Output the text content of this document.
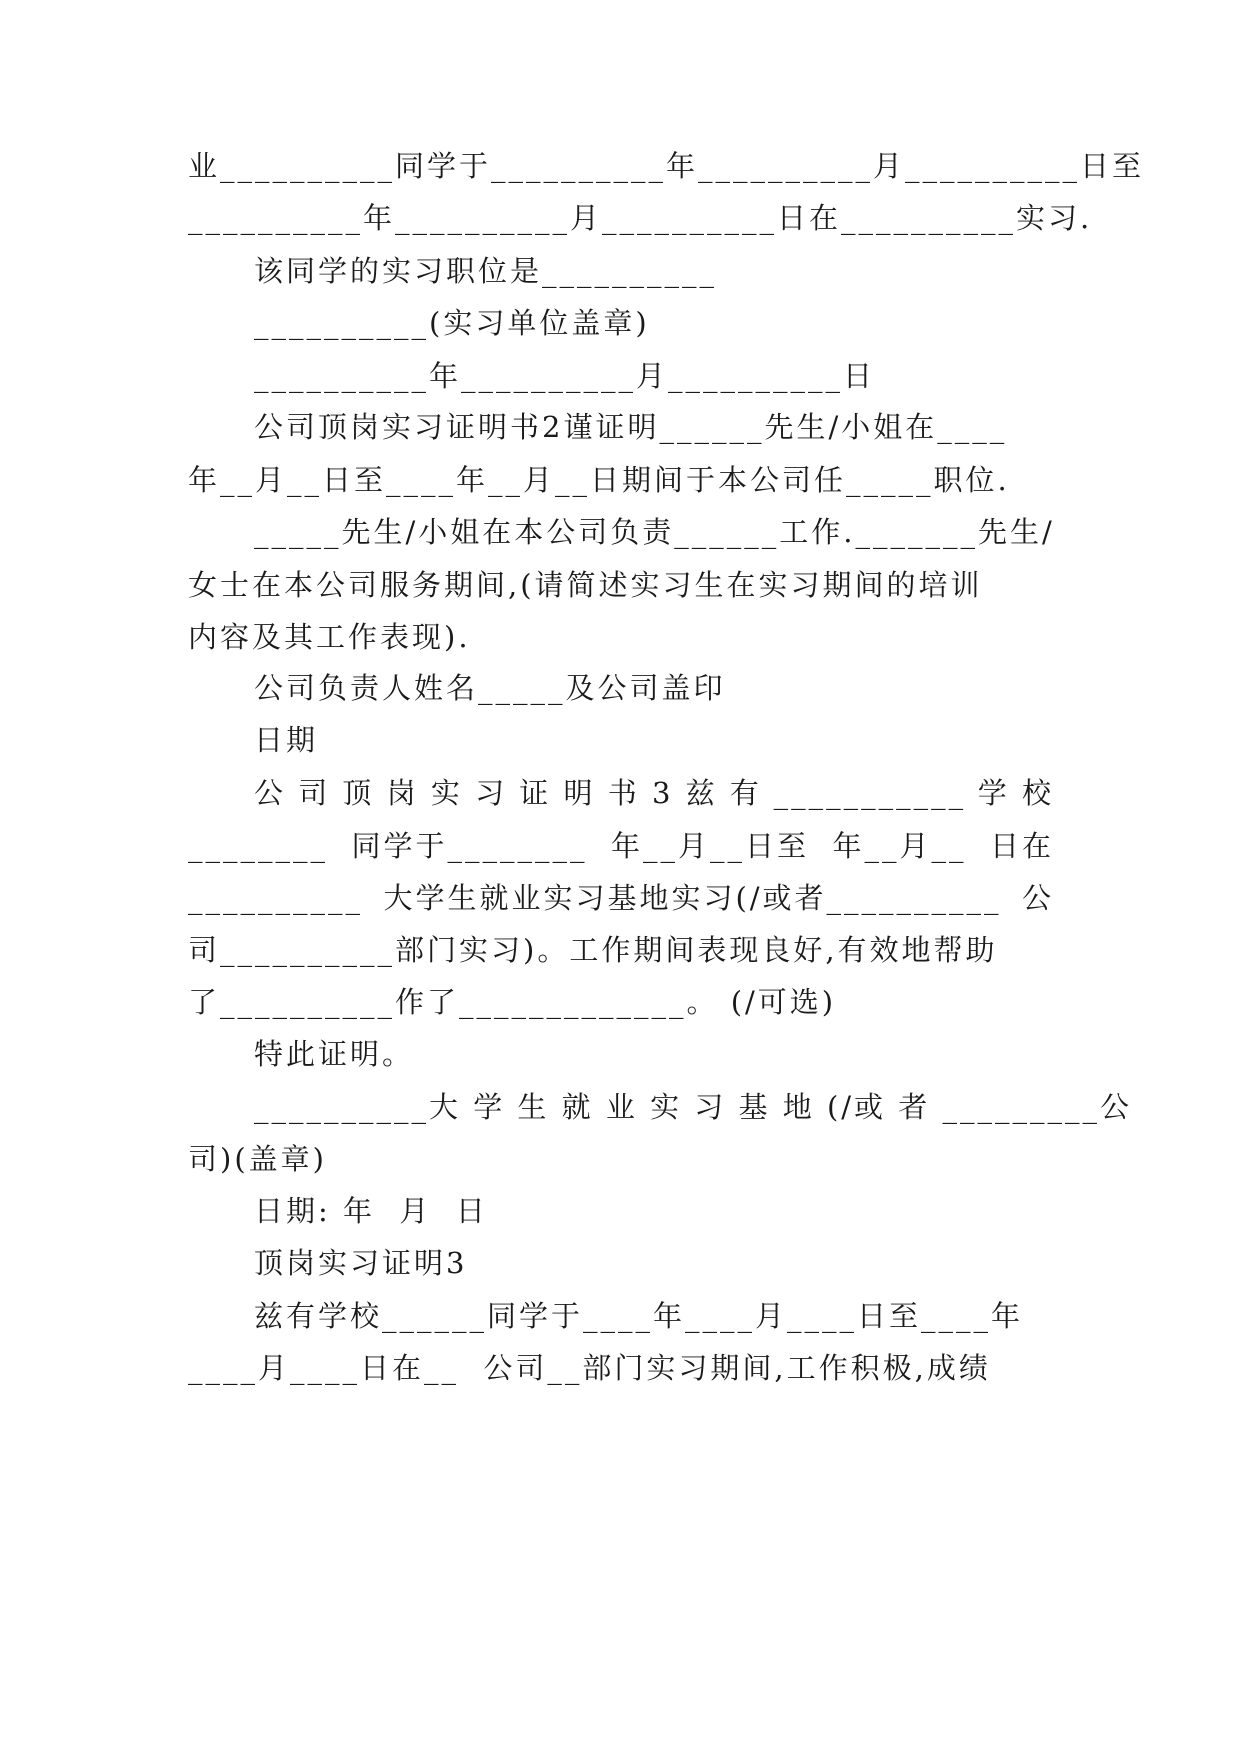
业__________同学于__________年__________月__________日至
__________年__________月__________日在__________实习.
该同学的实习职位是__________
__________(实习单位盖章)
__________年__________月__________日
公司顶岗实习证明书2谨证明______先生/小姐在____
年__月__日至____年__月__日期间于本公司任_____职位.
_____先生/小姐在本公司负责______工作._______先生/
女士在本公司服务期间,(请简述实习生在实习期间的培训
内容及其工作表现).
公司负责人姓名_____及公司盖印
日期
公 司 顶 岗 实 习 证 明 书 3 兹 有 ___________ 学 校
________ 同学于________ 年__月__日至 年__月__ 日在
__________ 大学生就业实习基地实习(/或者__________ 公
司__________部门实习)。工作期间表现良好,有效地帮助
了__________作了_____________。 (/可选)
特此证明。
__________大 学 生 就 业 实 习 基 地 (/或 者 _________ 公
司)(盖章)
日期: 年  月  日
顶岗实习证明3
兹有学校______同学于____年____月____日至____年
____月____日在__  公司__部门实习期间,工作积极,成绩
